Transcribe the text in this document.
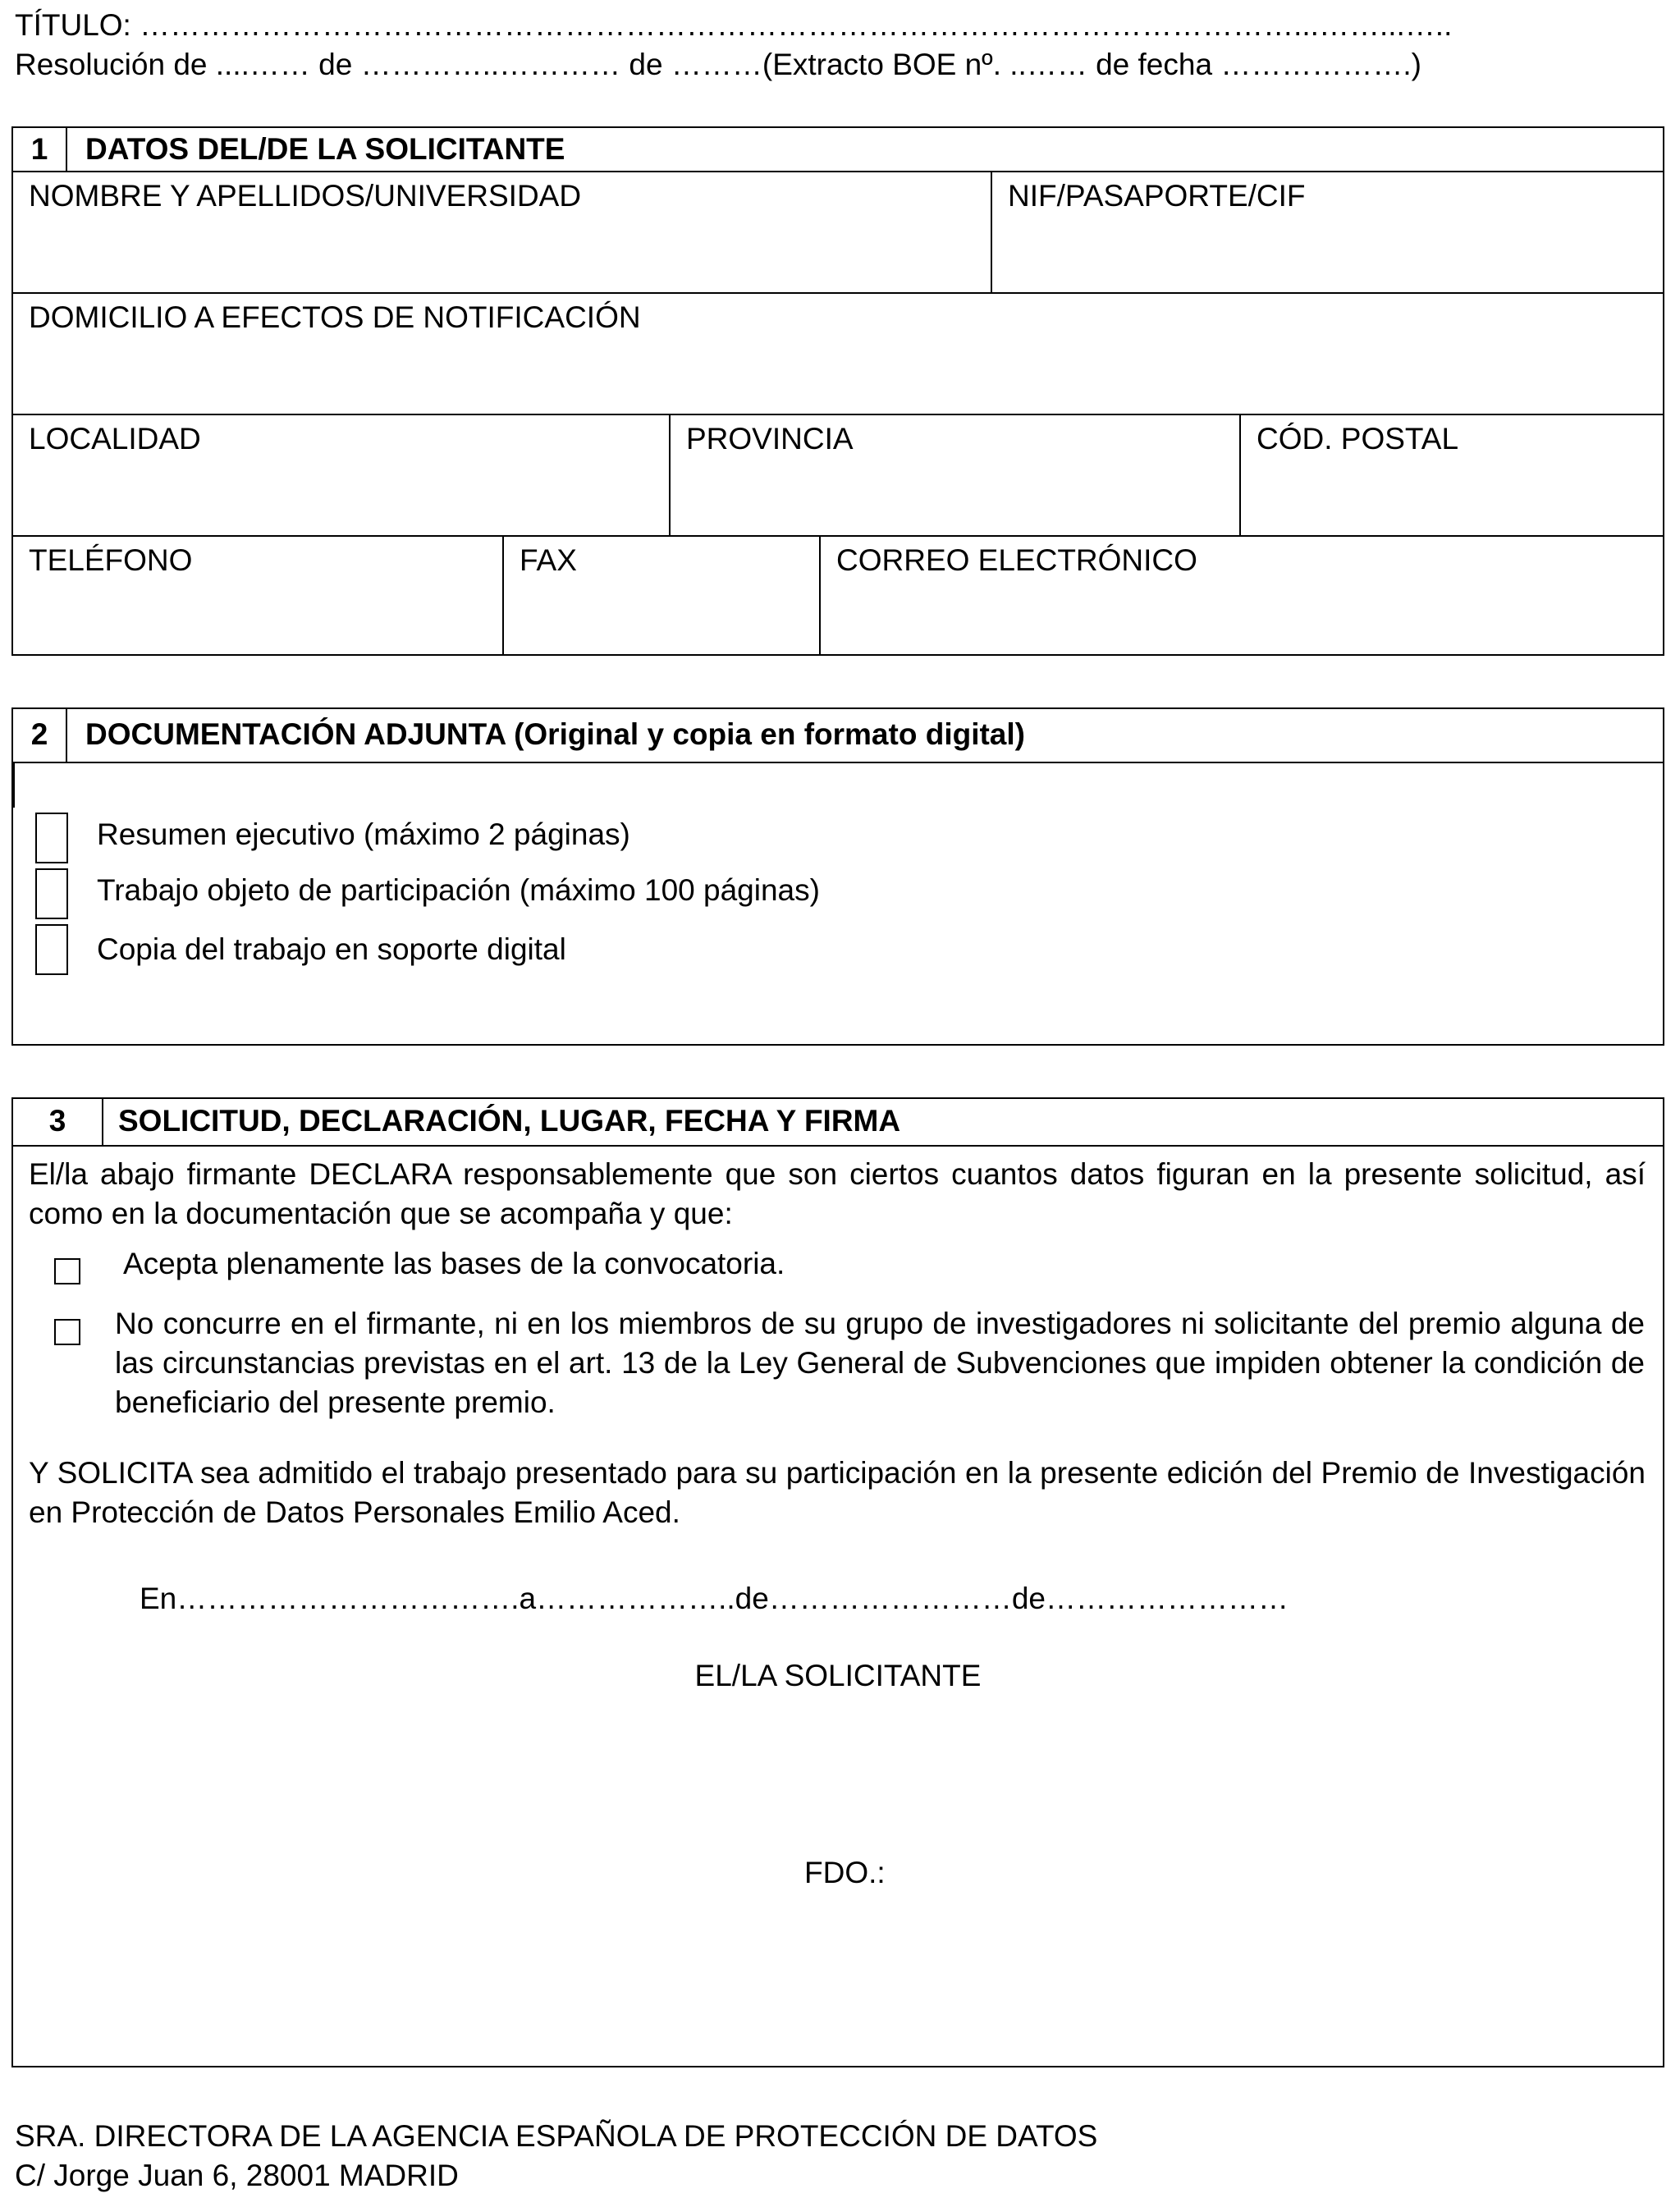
TÍTULO: ……………………………………………………………………………………………………...……...…..
Resolución de ....…… de …………..………… de ………(Extracto BOE nº. ..…… de fecha ……………….)
1	DATOS DEL/DE LA SOLICITANTE
NOMBRE Y APELLIDOS/UNIVERSIDAD	NIF/PASAPORTE/CIF
DOMICILIO A EFECTOS DE NOTIFICACIÓN
LOCALIDAD	PROVINCIA	CÓD. POSTAL
TELÉFONO	FAX	CORREO ELECTRÓNICO
2	DOCUMENTACIÓN ADJUNTA (Original y copia en formato digital)
Resumen ejecutivo (máximo 2 páginas)
Trabajo objeto de participación (máximo 100 páginas)
Copia del trabajo en soporte digital
3	SOLICITUD, DECLARACIÓN, LUGAR, FECHA Y FIRMA
El/la abajo firmante DECLARA responsablemente que son ciertos cuantos datos figuran en la presente solicitud, así como en la documentación que se acompaña y que:
Acepta plenamente las bases de la convocatoria.
No concurre en el firmante, ni en los miembros de su grupo de investigadores ni solicitante del premio alguna de las circunstancias previstas en el art. 13 de la Ley General de Subvenciones que impiden obtener la condición de beneficiario del presente premio.
Y SOLICITA sea admitido el trabajo presentado para su participación en la presente edición del Premio de Investigación en Protección de Datos Personales Emilio Aced.
En…………………………….a………………..de……………………de……………………
EL/LA SOLICITANTE
FDO.:
SRA. DIRECTORA DE LA AGENCIA ESPAÑOLA DE PROTECCIÓN DE DATOS
C/ Jorge Juan 6, 28001 MADRID
